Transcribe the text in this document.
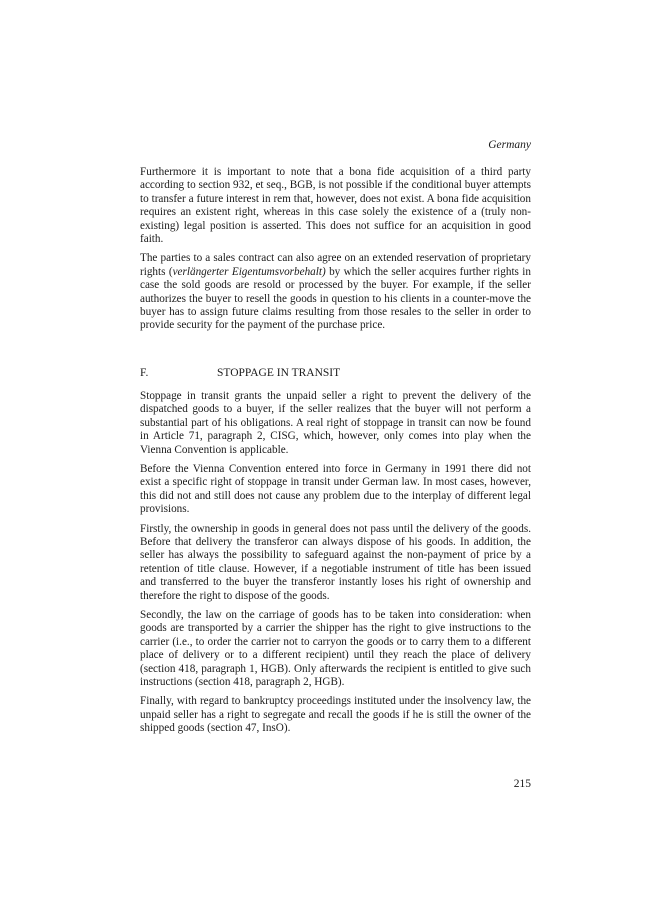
Germany

Furthermore it is important to note that a bona fide acquisition of a third party according to section 932, et seq., BGB, is not possible if the conditional buyer attempts to transfer a future interest in rem that, however, does not exist. A bona fide acquisition requires an existent right, whereas in this case solely the existence of a (truly non-existing) legal position is asserted. This does not suffice for an acquisition in good faith.

The parties to a sales contract can also agree on an extended reservation of proprietary rights (verlängerter Eigentumsvorbehalt) by which the seller acquires further rights in case the sold goods are resold or processed by the buyer. For example, if the seller authorizes the buyer to resell the goods in question to his clients in a counter-move the buyer has to assign future claims resulting from those resales to the seller in order to provide security for the payment of the purchase price.

F.	STOPPAGE IN TRANSIT

Stoppage in transit grants the unpaid seller a right to prevent the delivery of the dispatched goods to a buyer, if the seller realizes that the buyer will not perform a substantial part of his obligations. A real right of stoppage in transit can now be found in Article 71, paragraph 2, CISG, which, however, only comes into play when the Vienna Convention is applicable.

Before the Vienna Convention entered into force in Germany in 1991 there did not exist a specific right of stoppage in transit under German law. In most cases, however, this did not and still does not cause any problem due to the interplay of different legal provisions.

Firstly, the ownership in goods in general does not pass until the delivery of the goods. Before that delivery the transferor can always dispose of his goods. In addition, the seller has always the possibility to safeguard against the non-payment of price by a retention of title clause. However, if a negotiable instrument of title has been issued and transferred to the buyer the transferor instantly loses his right of ownership and therefore the right to dispose of the goods.

Secondly, the law on the carriage of goods has to be taken into consideration: when goods are transported by a carrier the shipper has the right to give instructions to the carrier (i.e., to order the carrier not to carryon the goods or to carry them to a different place of delivery or to a different recipient) until they reach the place of delivery (section 418, paragraph 1, HGB). Only afterwards the recipient is entitled to give such instructions (section 418, paragraph 2, HGB).

Finally, with regard to bankruptcy proceedings instituted under the insolvency law, the unpaid seller has a right to segregate and recall the goods if he is still the owner of the shipped goods (section 47, InsO).

215
